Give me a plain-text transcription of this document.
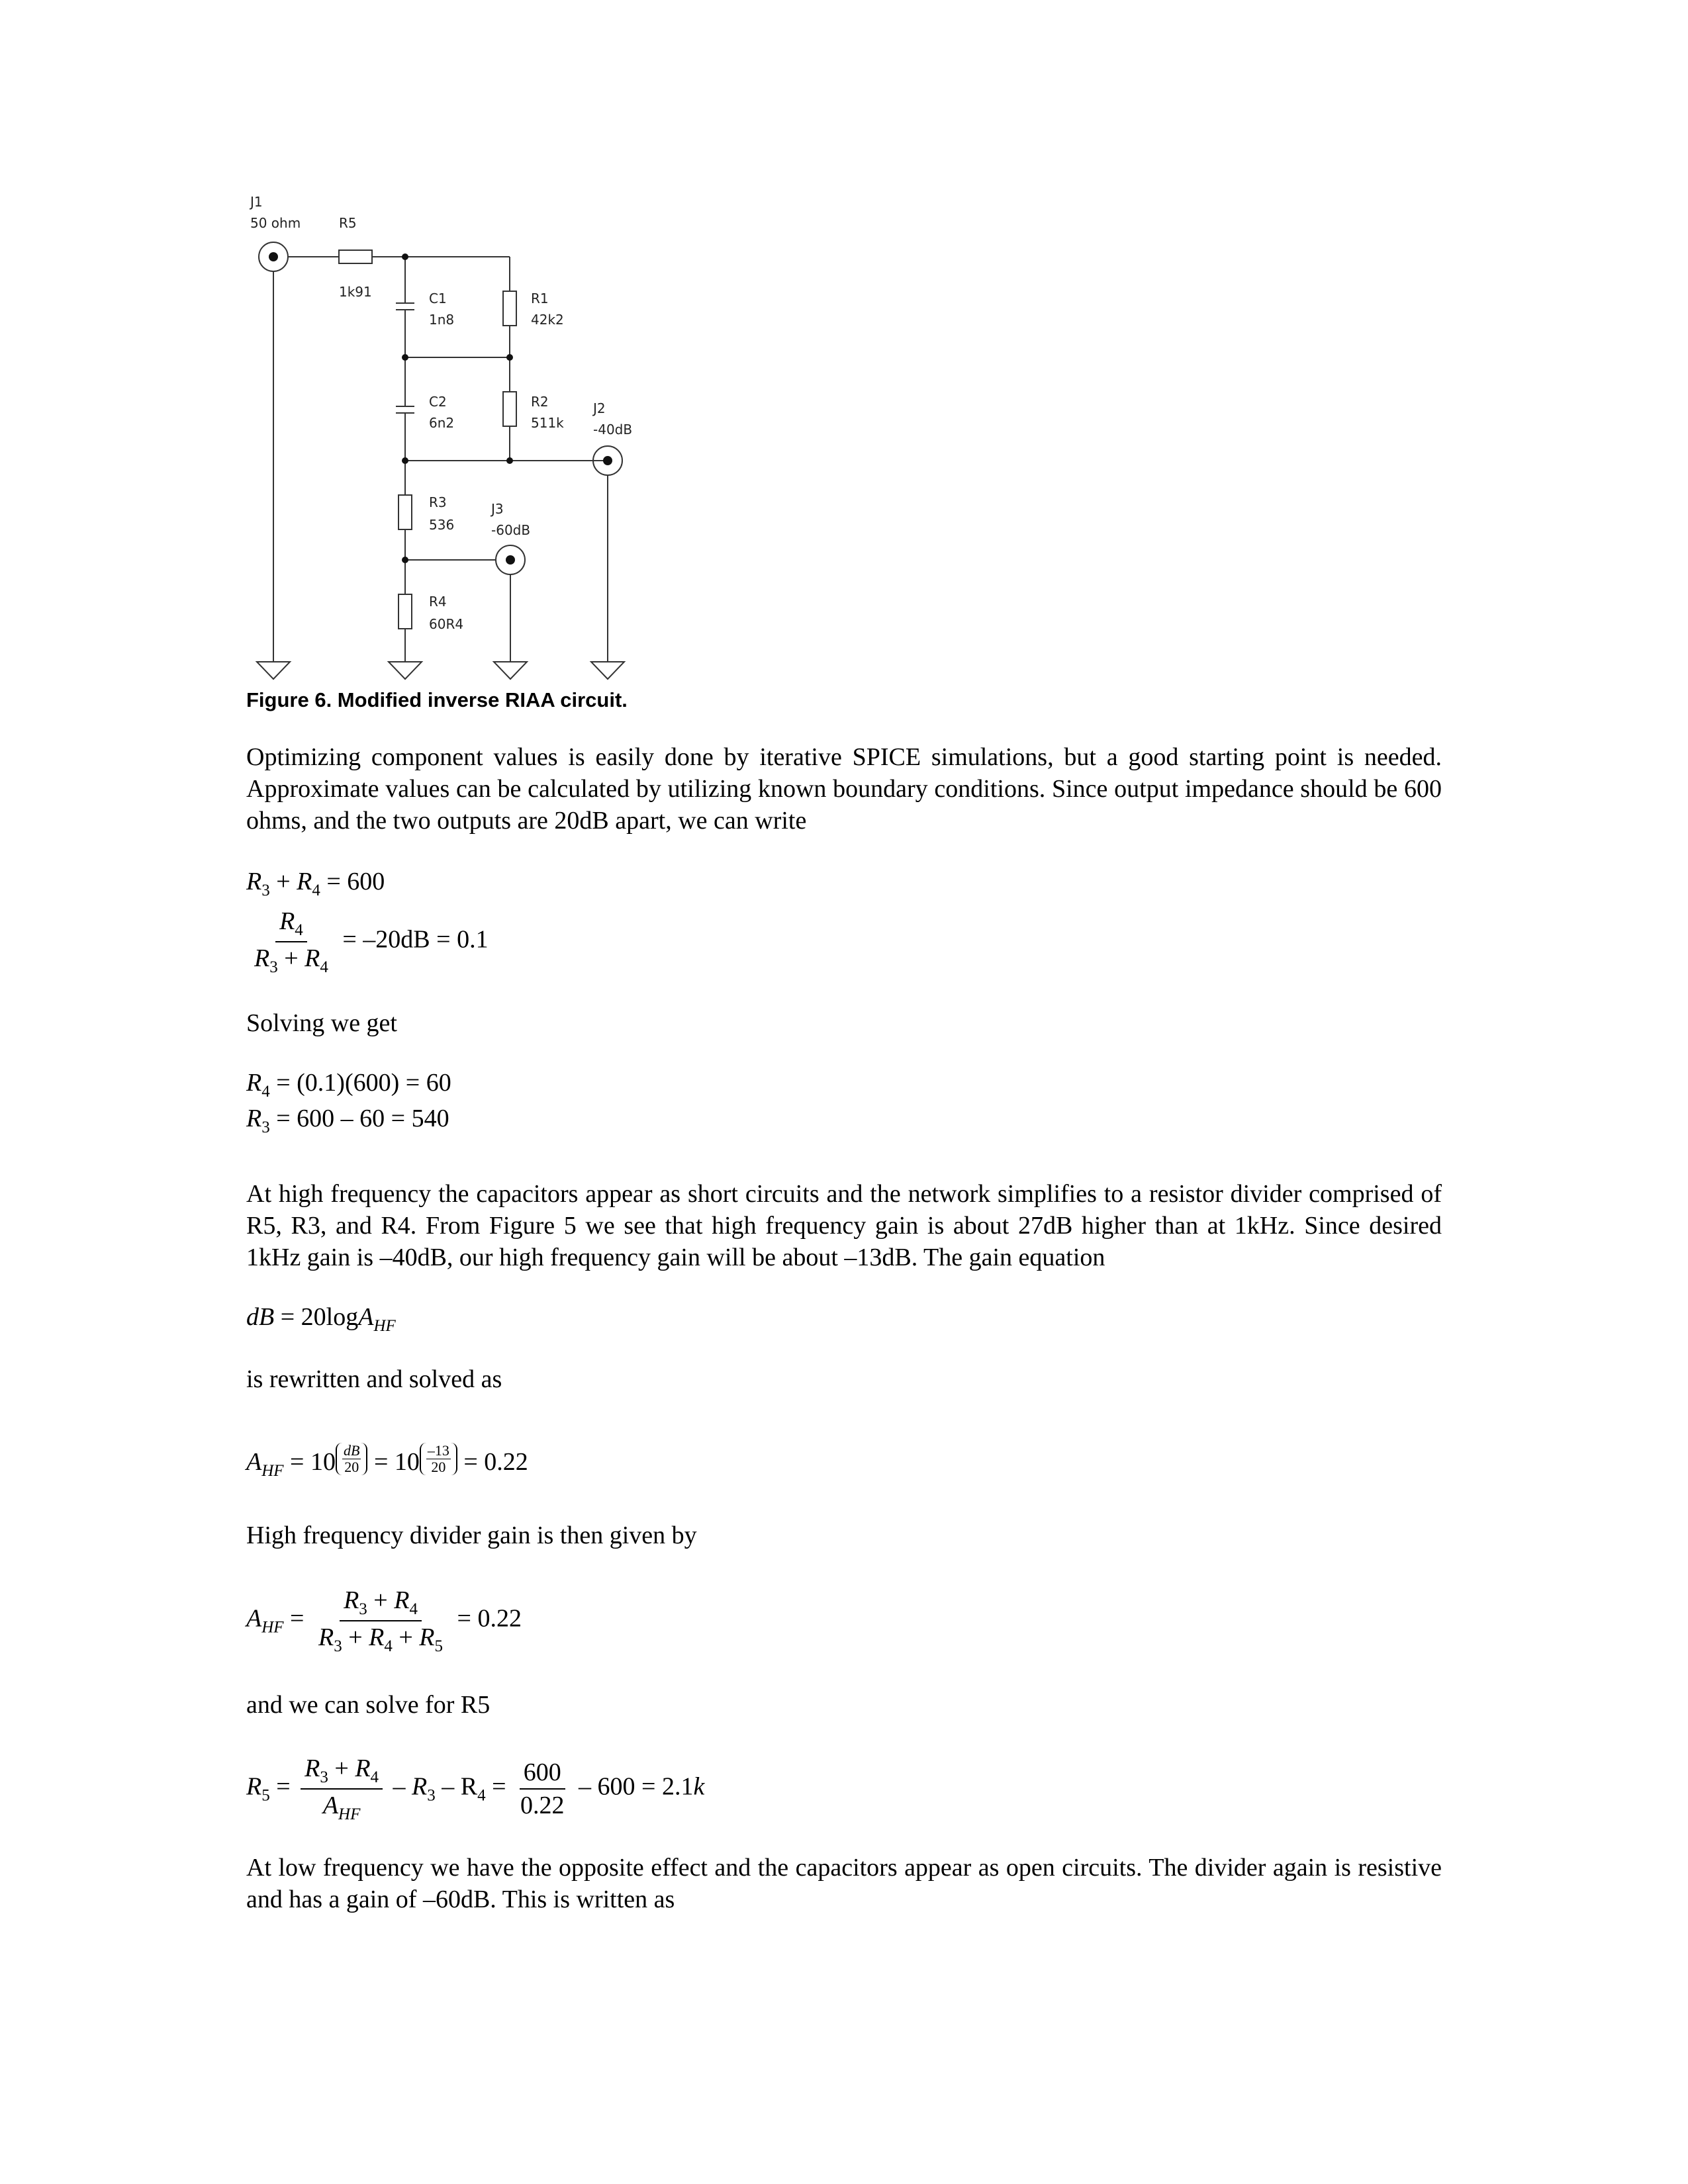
J1
50 ohm	R5
1k91	C1
1n8
R1
42k2
C2
6n2
R2
511k
J2
-40dB
R3
536
J3
-60dB
R4
60R4

Figure 6. Modified inverse RIAA circuit.

Optimizing component values is easily done by iterative SPICE simulations, but a good starting point is needed. Approximate values can be calculated by utilizing known boundary conditions. Since output impedance should be 600 ohms, and the two outputs are 20dB apart, we can write

$R_3 + R_4 = 600$
$\frac{R_4}{R_3 + R_4} = -20dB = 0.1$

Solving we get

$R_4 = (0.1)(600) = 60$
$R_3 = 600 - 60 = 540$

At high frequency the capacitors appear as short circuits and the network simplifies to a resistor divider comprised of R5, R3, and R4. From Figure 5 we see that high frequency gain is about 27dB higher than at 1kHz. Since desired 1kHz gain is –40dB, our high frequency gain will be about –13dB. The gain equation

dB = 20logA$_{HF}$

is rewritten and solved as

$A_{HF} = 10 \frac{dB}{20} = 10 \frac{-13}{20} = 0.22$

High frequency divider gain is then given by

$A_{HF} = \frac{R_3 + R_4}{R_3 + R_4 + R_5} = 0.22$

and we can solve for R5

$R_5 = \frac{R_3 + R_4}{A_{HF}} - R_3 - R_4 = \frac{600}{0.22} - 600 = 2.1k$

At low frequency we have the opposite effect and the capacitors appear as open circuits. The divider again is resistive and has a gain of –60dB. This is written as
